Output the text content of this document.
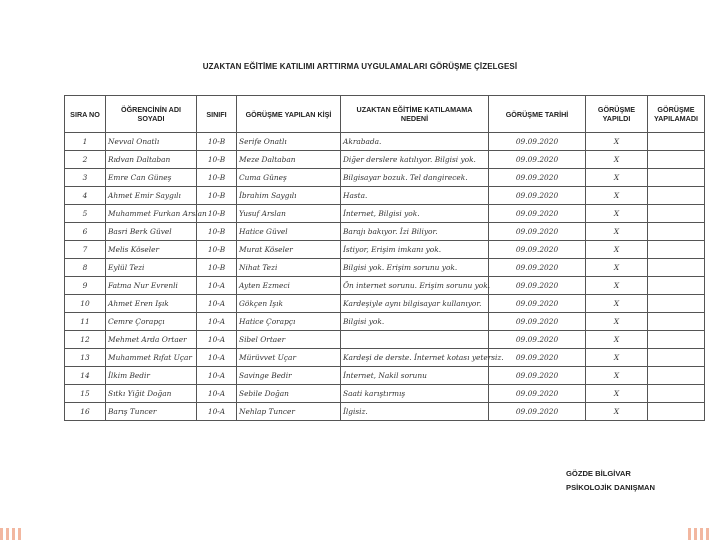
UZAKTAN EĞİTİME KATILIMI ARTTIRMA UYGULAMALARI GÖRÜŞME ÇİZELGESİ
SIRA NO	ÖĞRENCİNİN ADI SOYADI	SINIFI	GÖRÜŞME YAPILAN KİŞİ	UZAKTAN EĞİTİME KATILAMAMA NEDENİ	GÖRÜŞME TARİHİ	GÖRÜŞME YAPILDI	GÖRÜŞME YAPILAMADI
1	Nevval Onatlı	10-B	Serife Onatlı	Akrabada.	09.09.2020	X	
2	Rıdvan Daltaban	10-B	Meze Daltaban	Diğer derslere katılıyor. Bilgisi yok.	09.09.2020	X	
3	Emre Can Güneş	10-B	Cuma Güneş	Bilgisayar bozuk. Tel dangirecek.	09.09.2020	X	
4	Ahmet Emir Saygılı	10-B	İbrahim Saygılı	Hasta.	09.09.2020	X	
5	Muhammet Furkan Arslan	10-B	Yusuf Arslan	İnternet, Bilgisi yok.	09.09.2020	X	
6	Basri Berk Güvel	10-B	Hatice Güvel	Barajı bakıyor. İzi Biliyor.	09.09.2020	X	
7	Melis Köseler	10-B	Murat Köseler	İstiyor, Erişim imkanı yok.	09.09.2020	X	
8	Eylül Tezi	10-B	Nihat Tezi	Bilgisi yok. Erişim sorunu yok.	09.09.2020	X	
9	Fatma Nur Evrenli	10-A	Ayten Ezmeci	Ön internet sorunu. Erişim sorunu yok.	09.09.2020	X	
10	Ahmet Eren Işık	10-A	Gökçen Işık	Kardeşiyle aynı bilgisayar kullanıyor.	09.09.2020	X	
11	Cemre Çorapçı	10-A	Hatice Çorapçı	Bilgisi yok.	09.09.2020	X	
12	Mehmet Arda Ortaer	10-A	Sibel Ortaer		09.09.2020	X	
13	Muhammet Rıfat Uçar	10-A	Mürüvvet Uçar	Kardeşi de derste. İnternet kotası yetersiz.	09.09.2020	X	
14	İlkim Bedir	10-A	Savinge Bedir	İnternet, Nakil sorunu	09.09.2020	X	
15	Sıtkı Yiğit Doğan	10-A	Sebile Doğan	Saati karıştırmış	09.09.2020	X	
16	Barış Tuncer	10-A	Nehlap Tuncer	İlgisiz.	09.09.2020	X	
GÖZDE BİLGİVAR
PSİKOLOJİK DANIŞMAN
